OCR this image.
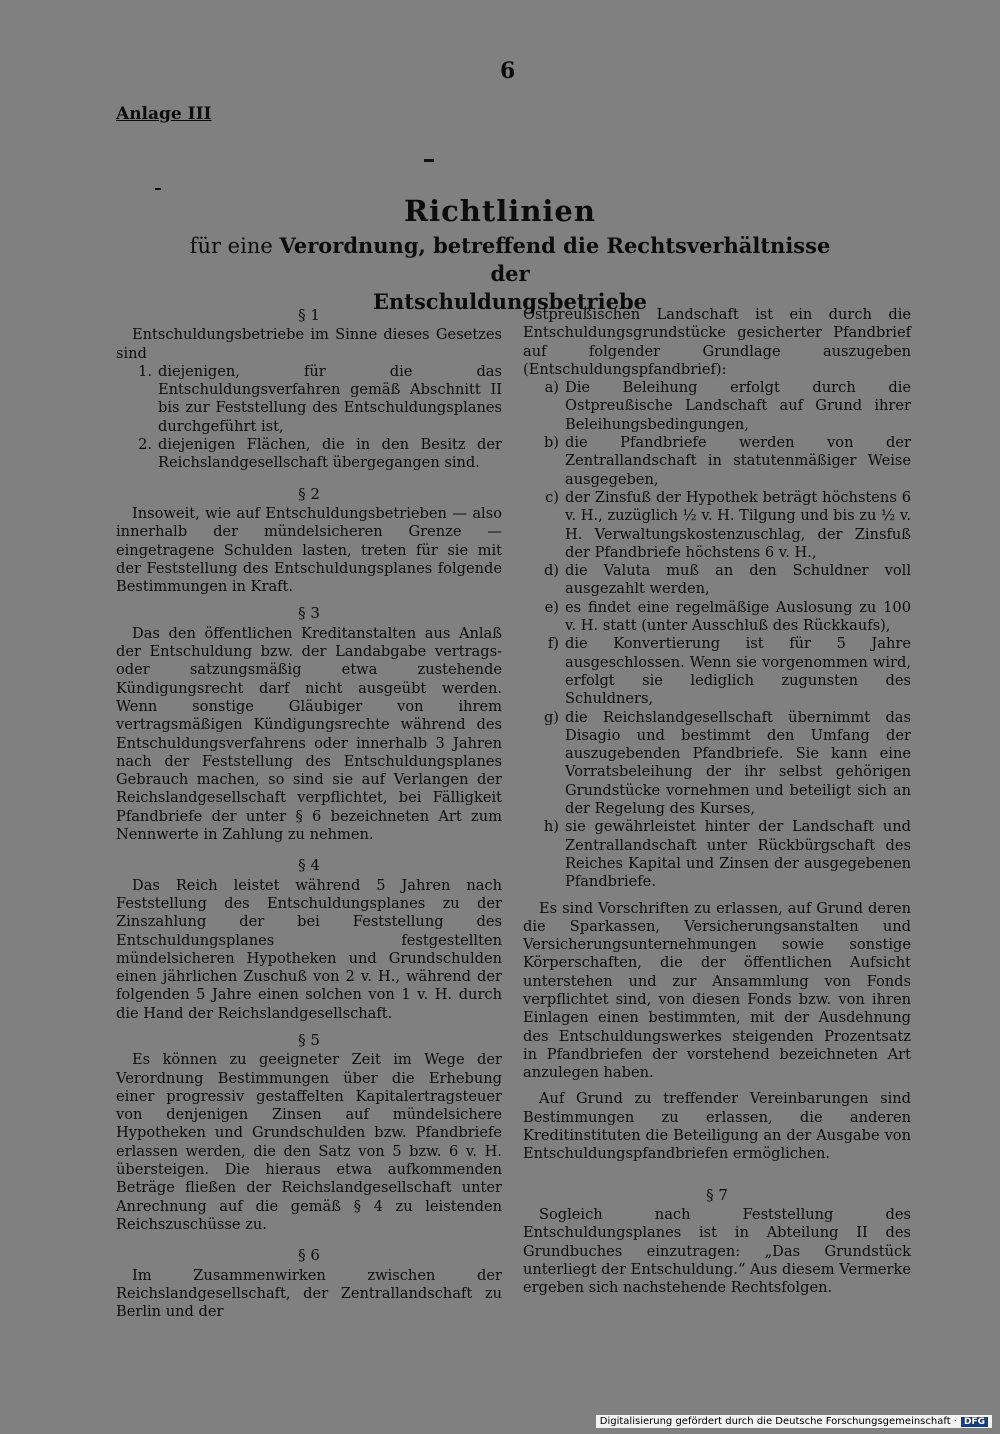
6
Anlage III
Richtlinien
für eine Verordnung, betreffend die Rechtsverhältnisse der
Entschuldungsbetriebe
§ 1

Entschuldungsbetriebe im Sinne dieses Gesetzes sind

1. diejenigen, für die das Entschuldungsverfahren gemäß Abschnitt II bis zur Feststellung des Entschuldungsplanes durchgeführt ist,
2. diejenigen Flächen, die in den Besitz der Reichslandgesellschaft übergegangen sind.
§ 2

Insoweit, wie auf Entschuldungsbetrieben — also innerhalb der mündelsicheren Grenze — eingetragene Schulden lasten, treten für sie mit der Feststellung des Entschuldungsplanes folgende Bestimmungen in Kraft.

§ 3

Das den öffentlichen Kreditanstalten aus Anlaß der Entschuldung bzw. der Landabgabe vertrags- oder satzungsmäßig etwa zustehende Kündigungsrecht darf nicht ausgeübt werden. Wenn sonstige Gläubiger von ihrem vertragsmäßigen Kündigungsrechte während des Entschuldungsverfahrens oder innerhalb 3 Jahren nach der Feststellung des Entschuldungsplanes Gebrauch machen, so sind sie auf Verlangen der Reichslandgesellschaft verpflichtet, bei Fälligkeit Pfandbriefe der unter § 6 bezeichneten Art zum Nennwerte in Zahlung zu nehmen.

§ 4

Das Reich leistet während 5 Jahren nach Feststellung des Entschuldungsplanes zu der Zinszahlung der bei Feststellung des Entschuldungsplanes festgestellten mündelsicheren Hypotheken und Grundschulden einen jährlichen Zuschuß von 2 v. H., während der folgenden 5 Jahre einen solchen von 1 v. H. durch die Hand der Reichslandgesellschaft.

§ 5

Es können zu geeigneter Zeit im Wege der Verordnung Bestimmungen über die Erhebung einer progressiv gestaffelten Kapitalertragsteuer von denjenigen Zinsen auf mündelsichere Hypotheken und Grundschulden bzw. Pfandbriefe erlassen werden, die den Satz von 5 bzw. 6 v. H. übersteigen. Die hieraus etwa aufkommenden Beträge fließen der Reichslandgesellschaft unter Anrechnung auf die gemäß § 4 zu leistenden Reichszuschüsse zu.

§ 6

Im Zusammenwirken zwischen der Reichslandgesellschaft, der Zentrallandschaft zu Berlin und der

Ostpreußischen Landschaft ist ein durch die Entschuldungsgrundstücke gesicherter Pfandbrief auf folgender Grundlage auszugeben (Entschuldungspfandbrief):

a) Die Beleihung erfolgt durch die Ostpreußische Landschaft auf Grund ihrer Beleihungsbedingungen,
b) die Pfandbriefe werden von der Zentrallandschaft in statutenmäßiger Weise ausgegeben,
c) der Zinsfuß der Hypothek beträgt höchstens 6 v. H., zuzüglich ½ v. H. Tilgung und bis zu ½ v. H. Verwaltungskostenzuschlag, der Zinsfuß der Pfandbriefe höchstens 6 v. H.,
d) die Valuta muß an den Schuldner voll ausgezahlt werden,
e) es findet eine regelmäßige Auslosung zu 100 v. H. statt (unter Ausschluß des Rückkaufs),
f) die Konvertierung ist für 5 Jahre ausgeschlossen. Wenn sie vorgenommen wird, erfolgt sie lediglich zugunsten des Schuldners,
g) die Reichslandgesellschaft übernimmt das Disagio und bestimmt den Umfang der auszugebenden Pfandbriefe. Sie kann eine Vorratsbeleihung der ihr selbst gehörigen Grundstücke vornehmen und beteiligt sich an der Regelung des Kurses,
h) sie gewährleistet hinter der Landschaft und Zentrallandschaft unter Rückbürgschaft des Reiches Kapital und Zinsen der ausgegebenen Pfandbriefe.

Es sind Vorschriften zu erlassen, auf Grund deren die Sparkassen, Versicherungsanstalten und Versicherungsunternehmungen sowie sonstige Körperschaften, die der öffentlichen Aufsicht unterstehen und zur Ansammlung von Fonds verpflichtet sind, von diesen Fonds bzw. von ihren Einlagen einen bestimmten, mit der Ausdehnung des Entschuldungswerkes steigenden Prozentsatz in Pfandbriefen der vorstehend bezeichneten Art anzulegen haben.

Auf Grund zu treffender Vereinbarungen sind Bestimmungen zu erlassen, die anderen Kreditinstituten die Beteiligung an der Ausgabe von Entschuldungspfandbriefen ermöglichen.

§ 7

Sogleich nach Feststellung des Entschuldungsplanes ist in Abteilung II des Grundbuches einzutragen: „Das Grundstück unterliegt der Entschuldung.“ Aus diesem Vermerke ergeben sich nachstehende Rechtsfolgen.

Digitalisierung gefördert durch die Deutsche Forschungsgemeinschaft · DFG
